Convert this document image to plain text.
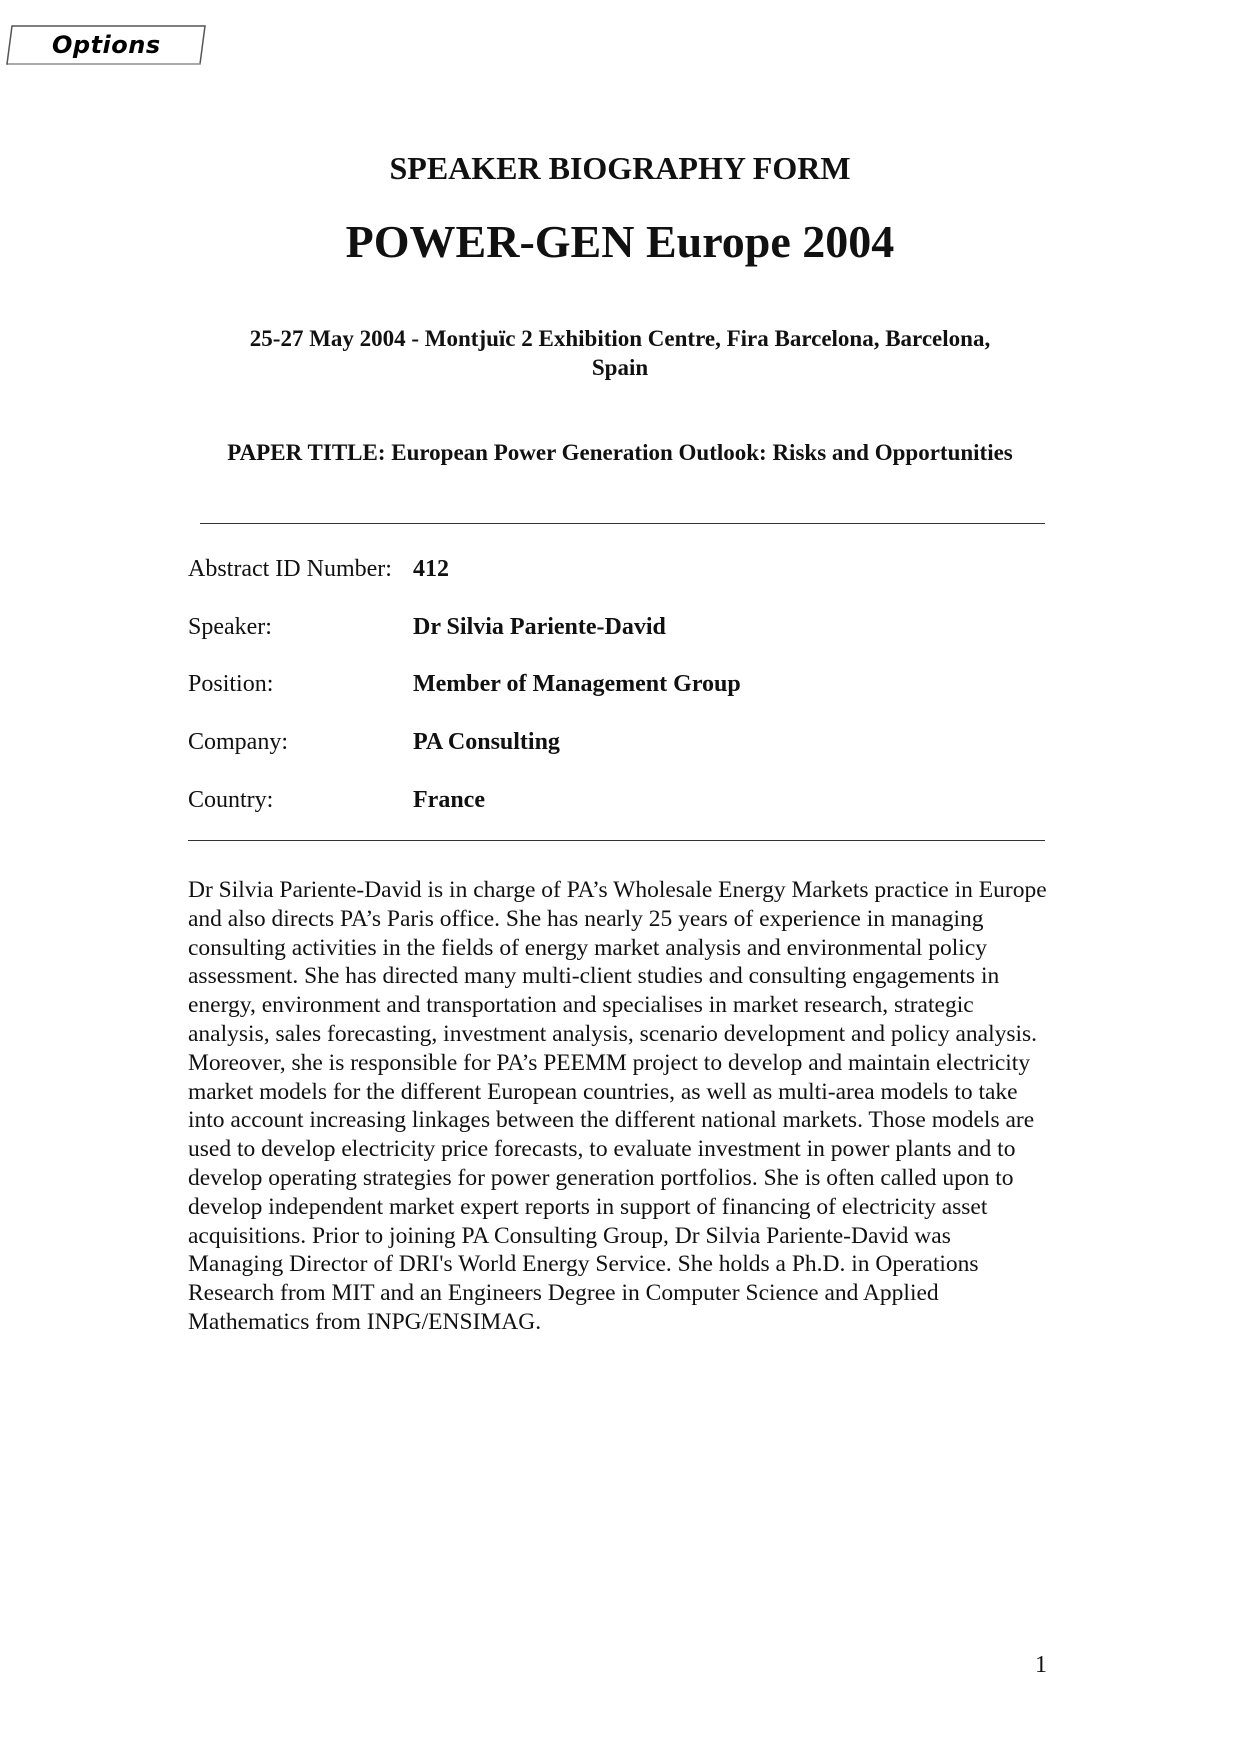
Options
SPEAKER BIOGRAPHY FORM
POWER-GEN Europe 2004
25-27 May 2004 - Montjuïc 2 Exhibition Centre, Fira Barcelona, Barcelona,
Spain
PAPER TITLE: European Power Generation Outlook: Risks and Opportunities
Abstract ID Number: 412
Speaker:	Dr Silvia Pariente-David
Position:	Member of Management Group
Company:	PA Consulting
Country:	France

Dr Silvia Pariente-David is in charge of PA’s Wholesale Energy Markets practice in Europe and also directs PA’s Paris office. She has nearly 25 years of experience in managing consulting activities in the fields of energy market analysis and environmental policy assessment. She has directed many multi-client studies and consulting engagements in energy, environment and transportation and specialises in market research, strategic analysis, sales forecasting, investment analysis, scenario development and policy analysis. Moreover, she is responsible for PA’s PEEMM project to develop and maintain electricity market models for the different European countries, as well as multi-area models to take into account increasing linkages between the different national markets. Those models are used to develop electricity price forecasts, to evaluate investment in power plants and to develop operating strategies for power generation portfolios. She is often called upon to develop independent market expert reports in support of financing of electricity asset acquisitions. Prior to joining PA Consulting Group, Dr Silvia Pariente-David was Managing Director of DRI's World Energy Service. She holds a Ph.D. in Operations Research from MIT and an Engineers Degree in Computer Science and Applied Mathematics from INPG/ENSIMAG.

1
